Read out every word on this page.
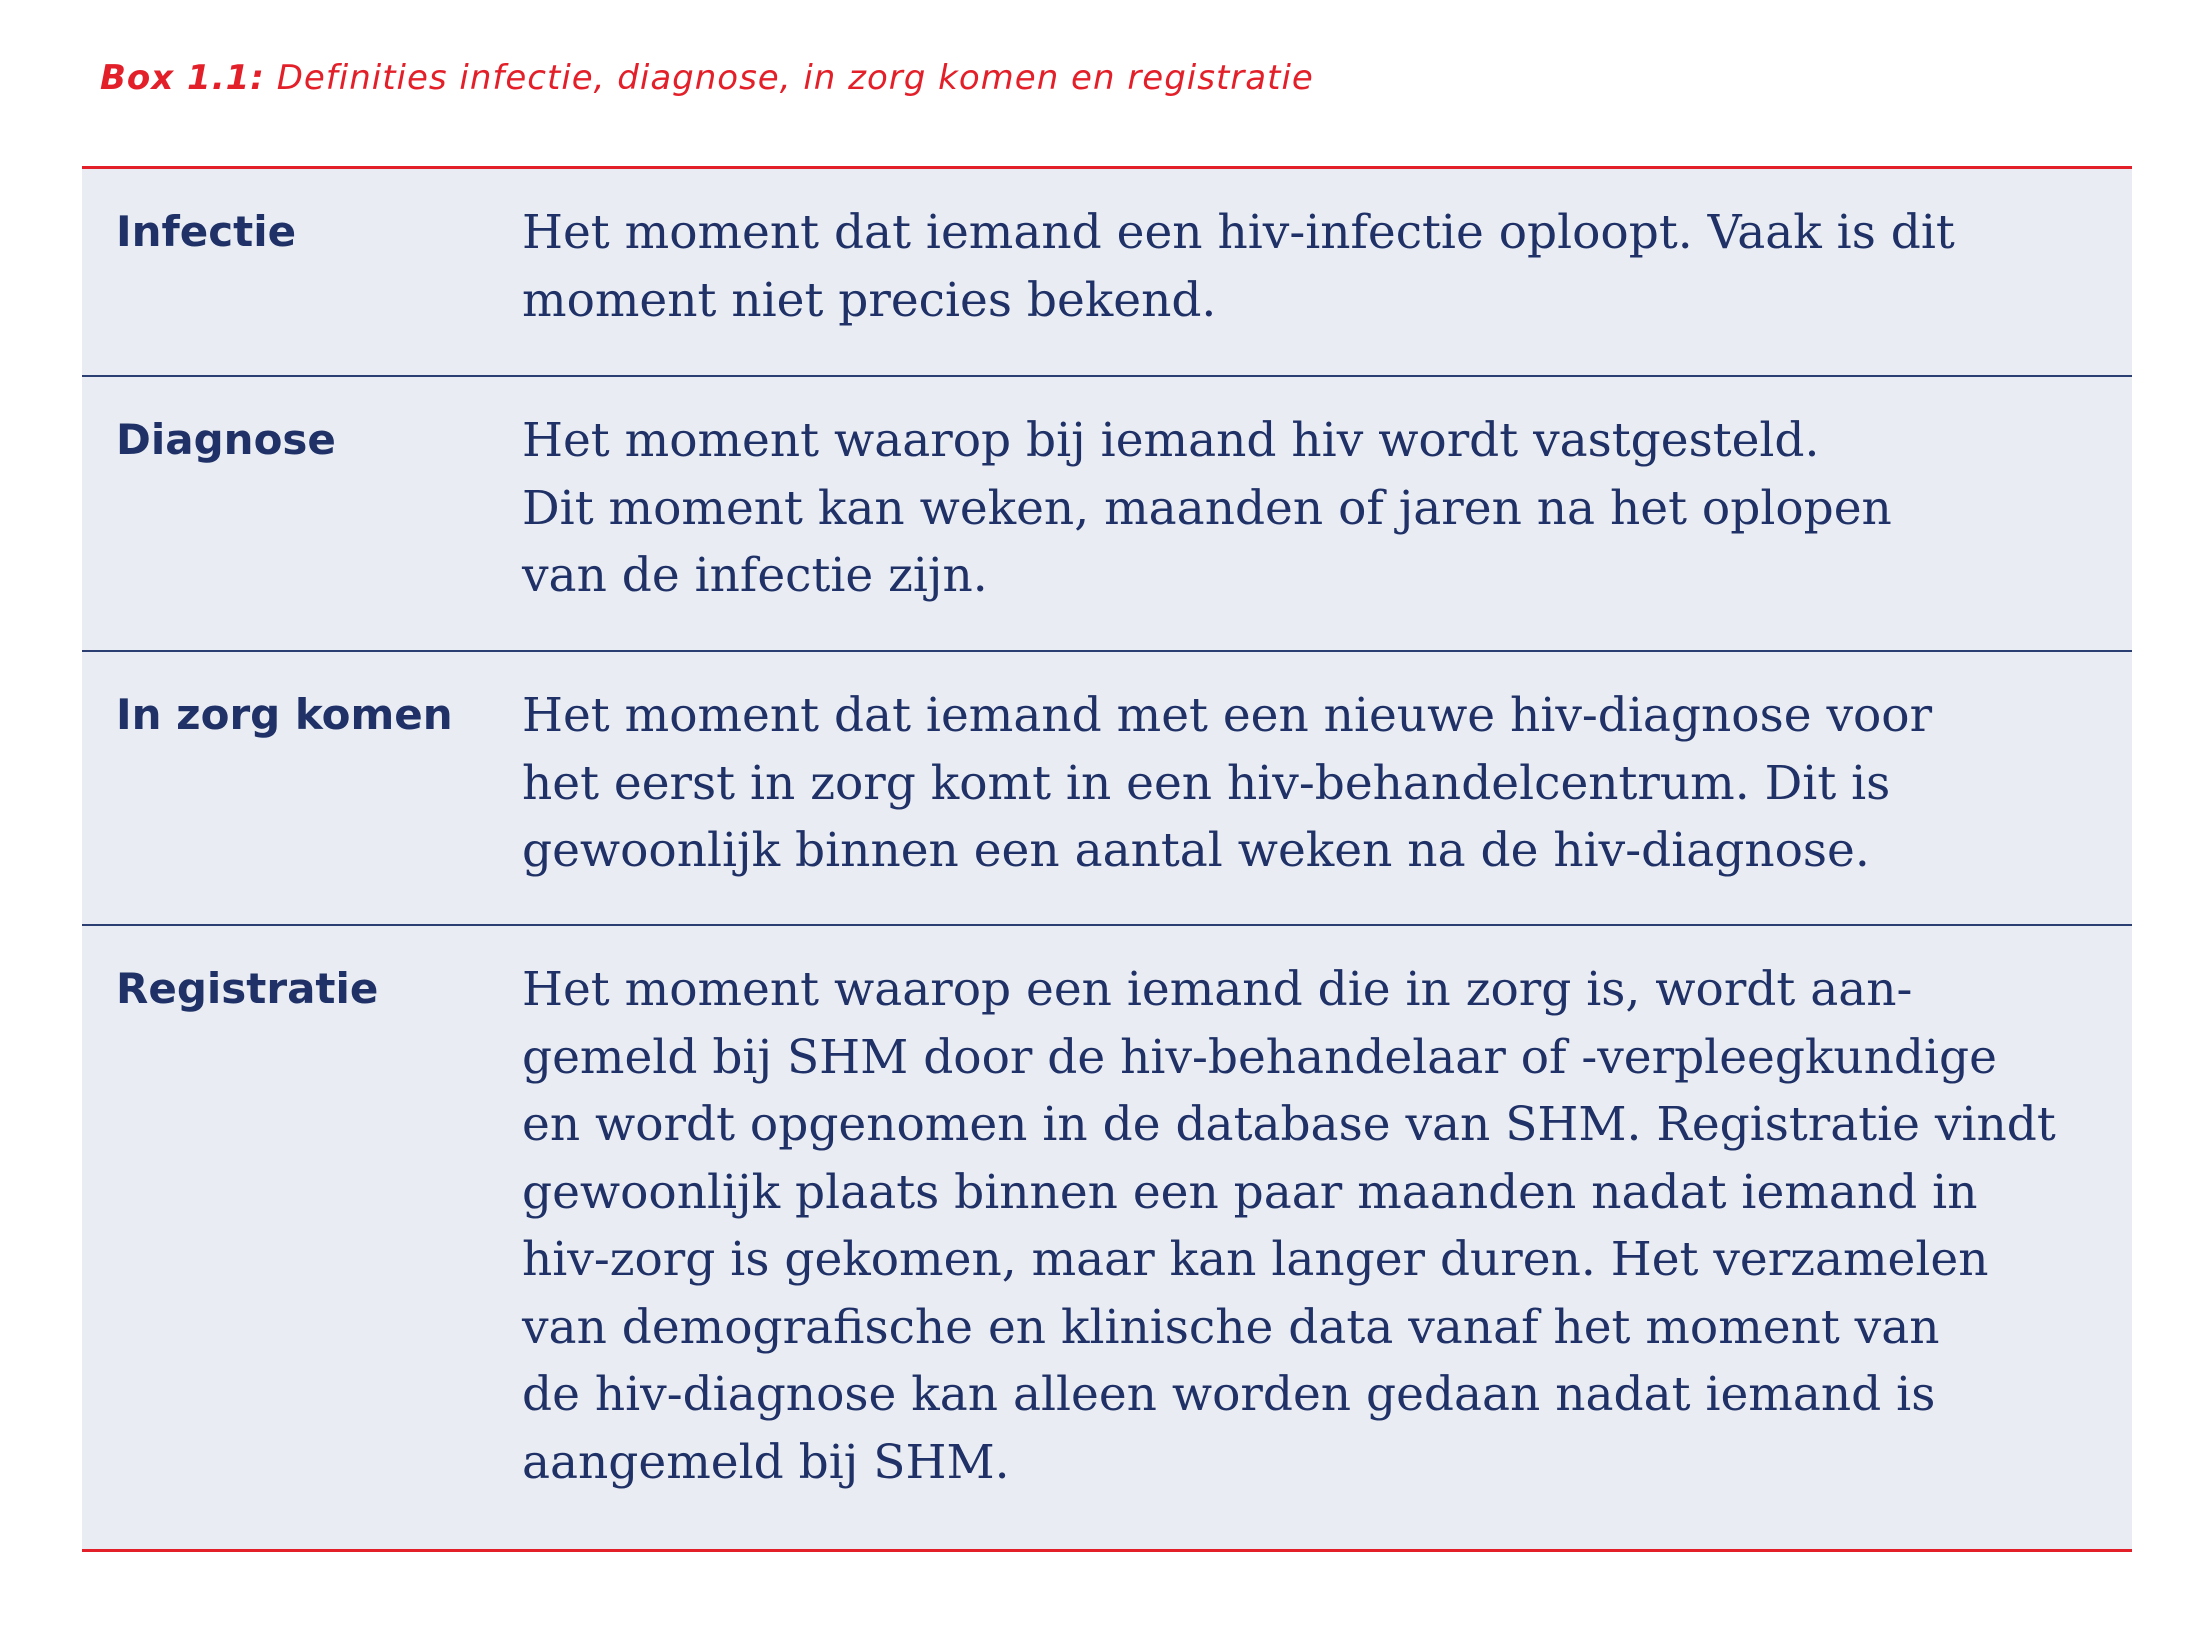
Box 1.1: Definities infectie, diagnose, in zorg komen en registratie
Infectie	Het moment dat iemand een hiv-infectie oploopt. Vaak is dit
moment niet precies bekend.

Diagnose	Het moment waarop bij iemand hiv wordt vastgesteld.
Dit moment kan weken, maanden of jaren na het oplopen
van de infectie zijn.

In zorg komen Het moment dat iemand met een nieuwe hiv-diagnose voor
het eerst in zorg komt in een hiv-behandelcentrum. Dit is
gewoonlijk binnen een aantal weken na de hiv-diagnose.

Registratie	Het moment waarop een iemand die in zorg is, wordt aan-
gemeld bij SHM door de hiv-behandelaar of -verpleegkundige
en wordt opgenomen in de database van SHM. Registratie vindt
gewoonlijk plaats binnen een paar maanden nadat iemand in
hiv-zorg is gekomen, maar kan langer duren. Het verzamelen
van demografische en klinische data vanaf het moment van
de hiv-diagnose kan alleen worden gedaan nadat iemand is
aangemeld bij SHM.
